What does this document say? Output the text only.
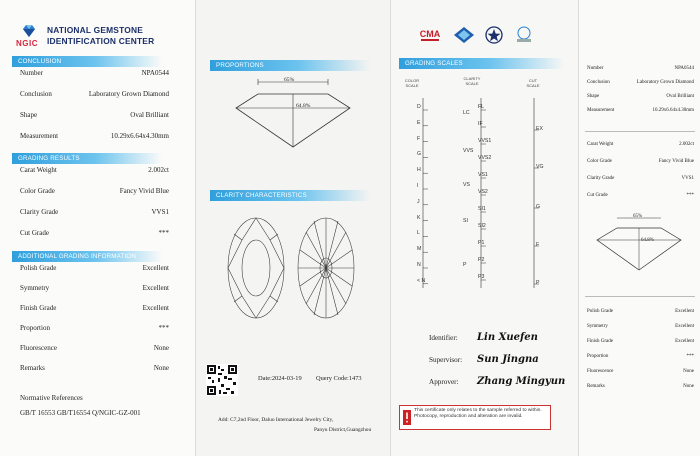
NGIC
NATIONAL GEMSTONE
IDENTIFICATION CENTER
CONCLUSION
Number	NPA0544
Conclusion	Laboratory Grown Diamond
Shape	Oval Brilliant
Measurement	10.29x6.64x4.30mm
GRADING RESULTS
Carat Weight	2.002ct
Color Grade	Fancy Vivid Blue
Clarity Grade	VVS1
Cut Grade	***
ADDITIONAL GRADING INFORMATION
Polish Grade	Excellent
Symmetry	Excellent
Finish Grade	Excellent
Proportion	***
Fluorescence	None
Remarks	None
Normative References
GB/T 16553 GB/T16554 Q/NGIC-GZ-001
PROPORTIONS
65%
64.8%
CLARITY CHARACTERISTICS
Date:2024-03-19 Query Code:1473
Add: C7,2nd Floor, Daluo International Jewelry City,
Panyu District,Guangzhou
CMA
GRADING SCALES
COLOR
SCALE
CLARITY
SCALE
CUT
SCALE
D
E
F
G
H
I
J
K
L
M
N
< N
FL
IF
VVS1
VVS2
VS1
VS2
SI1
SI2
P1
P2
P3
LC
VVS
VS
SI
P
EX
VG
G
F
P
Identifier: Lin Xuefen
Supervisor: Sun Jingna
Approver: Zhang Mingyun
This certificate only relates to the sample referred to within. Photocopy, reproduction and alteration are invalid.
Number	NPA0544
Conclusion	Laboratory Grown Diamond
Shape	Oval Brilliant
Measurement	10.29x6.64x4.30mm
Carat Weight	2.002ct
Color Grade	Fancy Vivid Blue
Clarity Grade	VVS1
Cut Grade	***
65%
64.8%
Polish Grade	Excellent
Symmetry	Excellent
Finish Grade	Excellent
Proportion	***
Fluorescence	None
Remarks	None
